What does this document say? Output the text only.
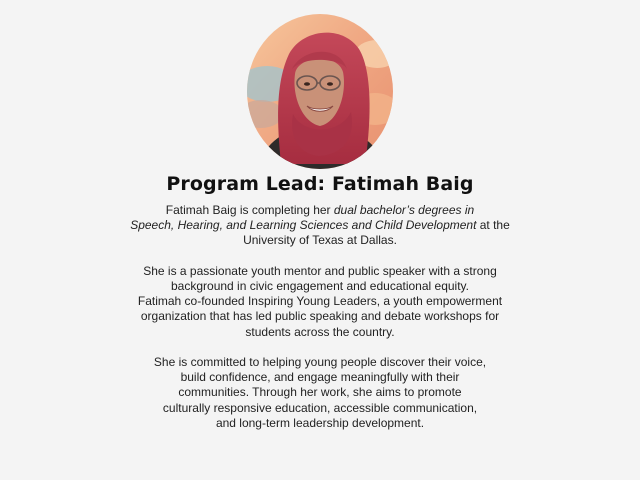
Program Lead: Fatimah Baig

Fatimah Baig is completing her dual bachelor’s degrees in
Speech, Hearing, and Learning Sciences and Child Development at the
University of Texas at Dallas.

She is a passionate youth mentor and public speaker with a strong
background in civic engagement and educational equity.
Fatimah co-founded Inspiring Young Leaders, a youth empowerment
organization that has led public speaking and debate workshops for
students across the country.

She is committed to helping young people discover their voice,
build confidence, and engage meaningfully with their
communities. Through her work, she aims to promote
culturally responsive education, accessible communication,
and long-term leadership development.
